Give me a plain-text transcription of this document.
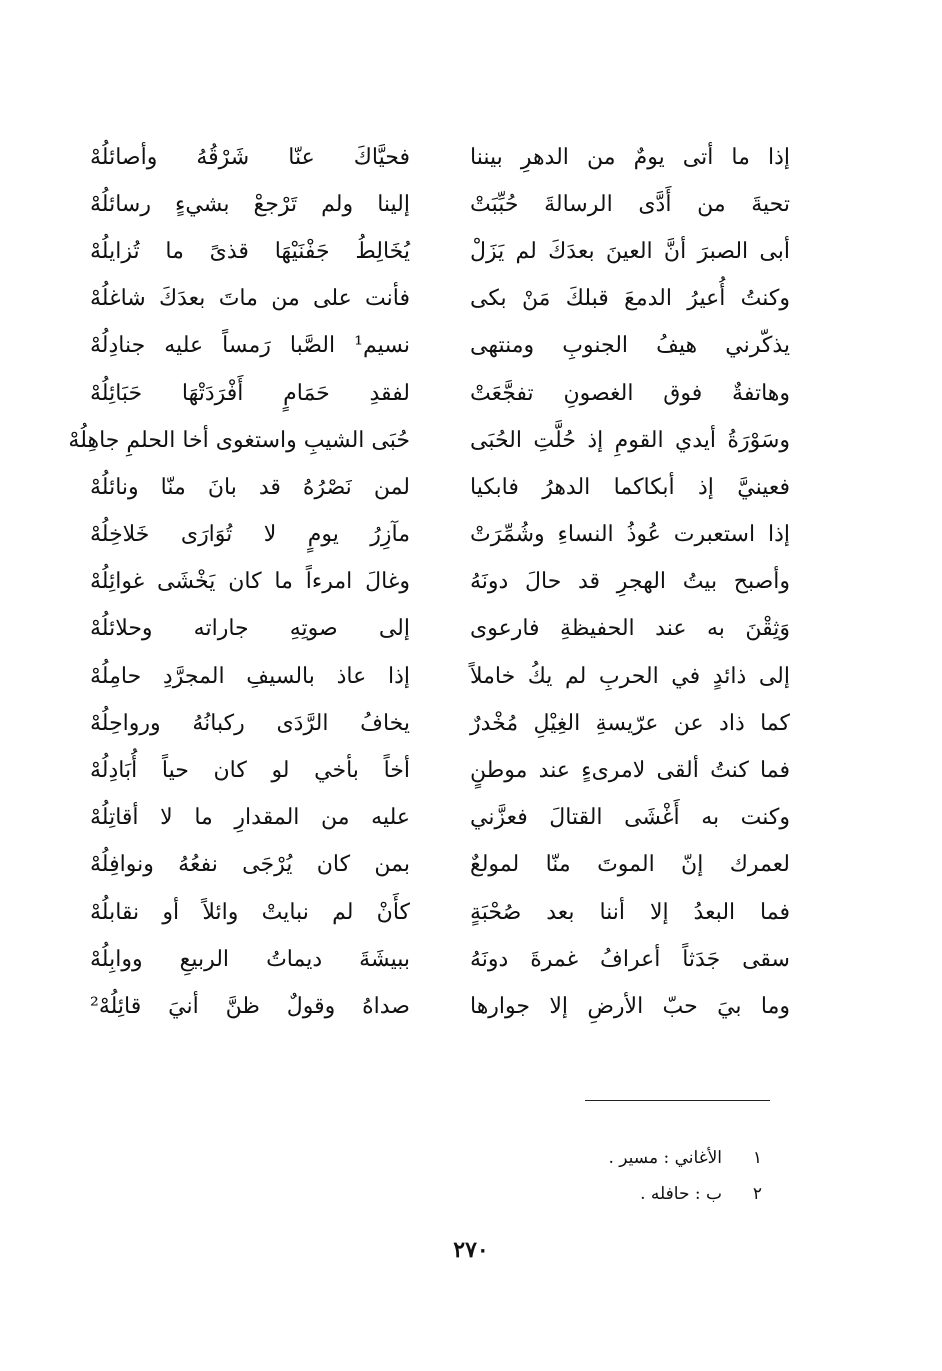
إذا ما أتى يومٌ من الدهرِ بيننا
فحيَّاكَ عنّا شَرْقُهُ وأصائلُهْ
تحيةَ من أَدَّى الرسالةَ حُبِّبَتْ
إلينا ولم تَرْجعْ بشيءٍ رسائلُهْ
أبى الصبرَ أنَّ العينَ بعدَكَ لم يَزَلْ
يُخَالِطُ جَفْنَيْهَا قذىً ما تُزايلُهْ
وكنتُ أُعيرُ الدمعَ قبلكَ مَنْ بكى
فأنت على من ماتَ بعدَكَ شاغلُهْ
يذكّرني هيفُ الجنوبِ ومنتهى
نسيم¹ الصَّبا رَمساً عليه جنادِلُهْ
وهاتفةٌ فوق الغصونِ تفجَّعَتْ
لفقدِ حَمَامٍ أَفْرَدَتْهَا حَبَائِلُهْ
وسَوْرَةُ أيدي القومِ إذ حُلَّتِ الحُبَى
حُبَى الشيبِ واستغوى أخا الحلمِ جاهِلُهْ
فعينيَّ إذ أبكاكما الدهرُ فابكيا
لمن نَصْرُهُ قد بانَ منّا ونائلُهْ
إذا استعبرت عُوذُ النساءِ وشُمِّرَتْ
مآزِرُ يومٍ لا تُوَارَى خَلاخِلُهْ
وأصبح بيتُ الهجرِ قد حالَ دونَهُ
وغالَ امرءاً ما كان يَخْشَى غوائِلُهْ
وَثِقْنَ به عند الحفيظةِ فارعوى
إلى صوتِهِ جاراته وحلائلُهْ
إلى ذائدٍ في الحربِ لم يكُ خاملاً
إذا عاذ بالسيفِ المجرَّدِ حامِلُهْ
كما ذاد عن عرّيسةِ الغِيْلِ مُخْدرٌ
يخافُ الرَّدَى ركبانُهُ ورواحِلُهْ
فما كنتُ ألقى لامرىءٍ عند موطنٍ
أخاً بأخي لو كان حياً أُبَادِلُهْ
وكنت به أَغْشَى القتالَ فعزَّني
عليه من المقدارِ ما لا أقاتِلُهْ
لعمرك إنّ الموتَ منّا لمولعٌ
بمن كان يُرْجَى نفعُهُ ونوافِلُهْ
فما البعدُ إلا أننا بعد صُحْبَةٍ
كأَنْ لم نبايتْ وائلاً أو نقابلُهْ
سقى جَدَثاً أعرافُ غمرةَ دونَهُ
ببيشَةَ ديماتُ الربيعِ ووابِلُهْ
وما بيَ حبّ الأرضِ إلا جوارها
صداهُ وقولٌ ظنَّ أنيَ قائِلُهْ²
١
الأغاني : مسير .
٢
ب : حافله .
٢٧٠
